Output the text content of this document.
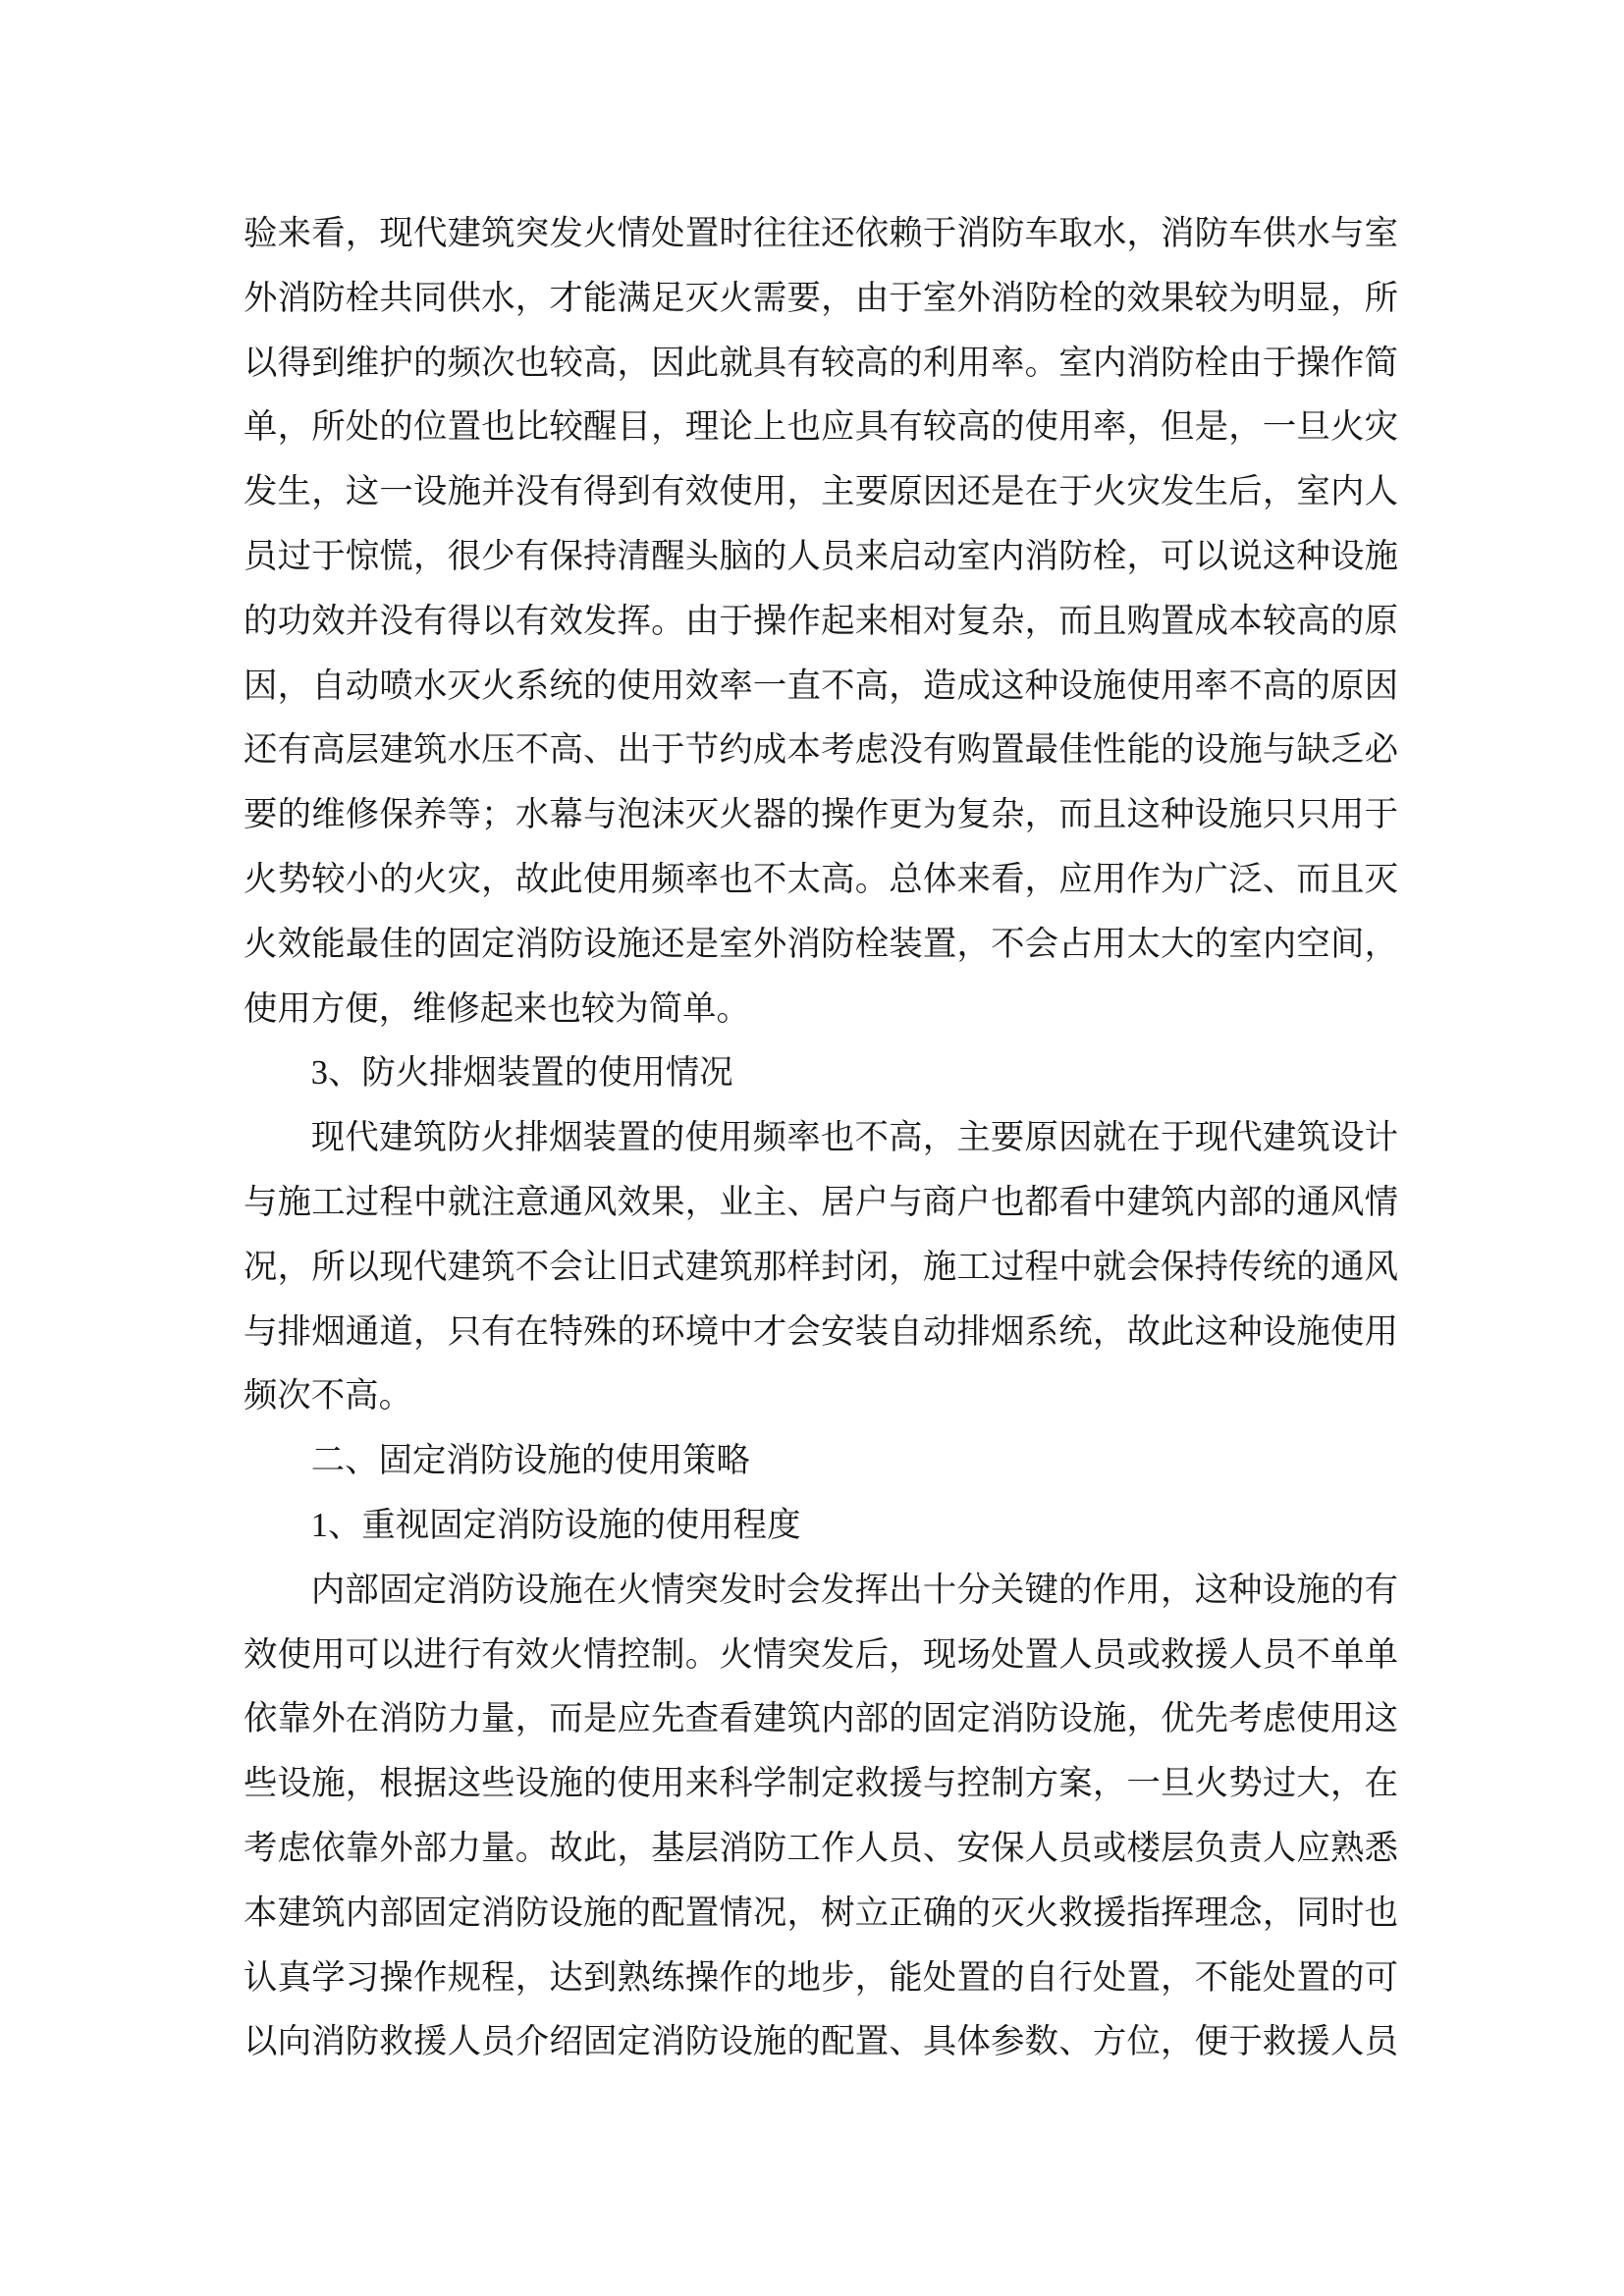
验来看，现代建筑突发火情处置时往往还依赖于消防车取水，消防车供水与室
外消防栓共同供水，才能满足灭火需要，由于室外消防栓的效果较为明显，所
以得到维护的频次也较高，因此就具有较高的利用率。室内消防栓由于操作简
单，所处的位置也比较醒目，理论上也应具有较高的使用率，但是，一旦火灾
发生，这一设施并没有得到有效使用，主要原因还是在于火灾发生后，室内人
员过于惊慌，很少有保持清醒头脑的人员来启动室内消防栓，可以说这种设施
的功效并没有得以有效发挥。由于操作起来相对复杂，而且购置成本较高的原
因，自动喷水灭火系统的使用效率一直不高，造成这种设施使用率不高的原因
还有高层建筑水压不高、出于节约成本考虑没有购置最佳性能的设施与缺乏必
要的维修保养等；水幕与泡沫灭火器的操作更为复杂，而且这种设施只只用于
火势较小的火灾，故此使用频率也不太高。总体来看，应用作为广泛、而且灭
火效能最佳的固定消防设施还是室外消防栓装置，不会占用太大的室内空间，
使用方便，维修起来也较为简单。
3、防火排烟装置的使用情况
现代建筑防火排烟装置的使用频率也不高，主要原因就在于现代建筑设计
与施工过程中就注意通风效果，业主、居户与商户也都看中建筑内部的通风情
况，所以现代建筑不会让旧式建筑那样封闭，施工过程中就会保持传统的通风
与排烟通道，只有在特殊的环境中才会安装自动排烟系统，故此这种设施使用
频次不高。
二、固定消防设施的使用策略
1、重视固定消防设施的使用程度
内部固定消防设施在火情突发时会发挥出十分关键的作用，这种设施的有
效使用可以进行有效火情控制。火情突发后，现场处置人员或救援人员不单单
依靠外在消防力量，而是应先查看建筑内部的固定消防设施，优先考虑使用这
些设施，根据这些设施的使用来科学制定救援与控制方案，一旦火势过大，在
考虑依靠外部力量。故此，基层消防工作人员、安保人员或楼层负责人应熟悉
本建筑内部固定消防设施的配置情况，树立正确的灭火救援指挥理念，同时也
认真学习操作规程，达到熟练操作的地步，能处置的自行处置，不能处置的可
以向消防救援人员介绍固定消防设施的配置、具体参数、方位，便于救援人员
